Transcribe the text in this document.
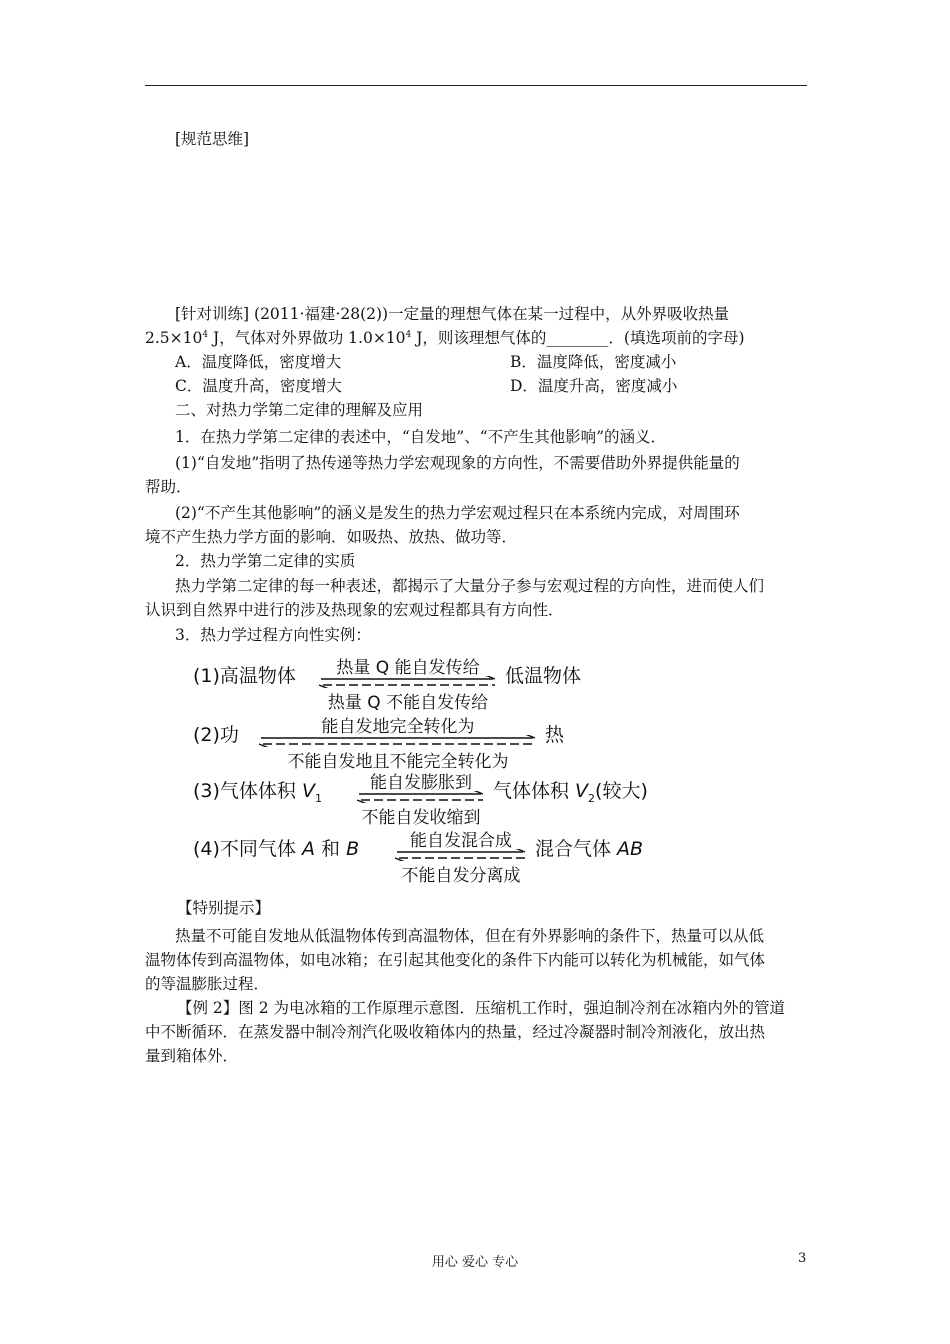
[规范思维]
[针对训练] (2011·福建·28(2))一定量的理想气体在某一过程中，从外界吸收热量
$2.5\times 10^4$ J，气体对外界做功 $1.0\times 10^4$ J，则该理想气体的________．(填选项前的字母)
A．温度降低，密度增大	B．温度降低，密度减小
C．温度升高，密度增大	D．温度升高，密度减小
二、对热力学第二定律的理解及应用
1．在热力学第二定律的表述中，“自发地”、“不产生其他影响”的涵义．
(1)“自发地”指明了热传递等热力学宏观现象的方向性，不需要借助外界提供能量的
帮助．
(2)“不产生其他影响”的涵义是发生的热力学宏观过程只在本系统内完成，对周围环
境不产生热力学方面的影响．如吸热、放热、做功等．
2．热力学第二定律的实质
热力学第二定律的每一种表述，都揭示了大量分子参与宏观过程的方向性，进而使人们
认识到自然界中进行的涉及热现象的宏观过程都具有方向性．
3．热力学过程方向性实例：
(1)高温物体	热量 Q 能自发传给
热量 Q 不能自发传给
低温物体
(2)功	能自发地完全转化为
不能自发地且不能完全转化为
热
(3)气体体积 $V_1$
能自发膨胀到
不能自发收缩到
气体体积 $V_2$(较大)
(4)不同气体 A 和 B	能自发混合成
不能自发分离成
混合气体 AB
【特别提示】
热量不可能自发地从低温物体传到高温物体，但在有外界影响的条件下，热量可以从低
温物体传到高温物体，如电冰箱；在引起其他变化的条件下内能可以转化为机械能，如气体
的等温膨胀过程．
【例 2】图 2 为电冰箱的工作原理示意图．压缩机工作时，强迫制冷剂在冰箱内外的管道
中不断循环．在蒸发器中制冷剂汽化吸收箱体内的热量，经过冷凝器时制冷剂液化，放出热
量到箱体外．
用心 爱心 专心	3
